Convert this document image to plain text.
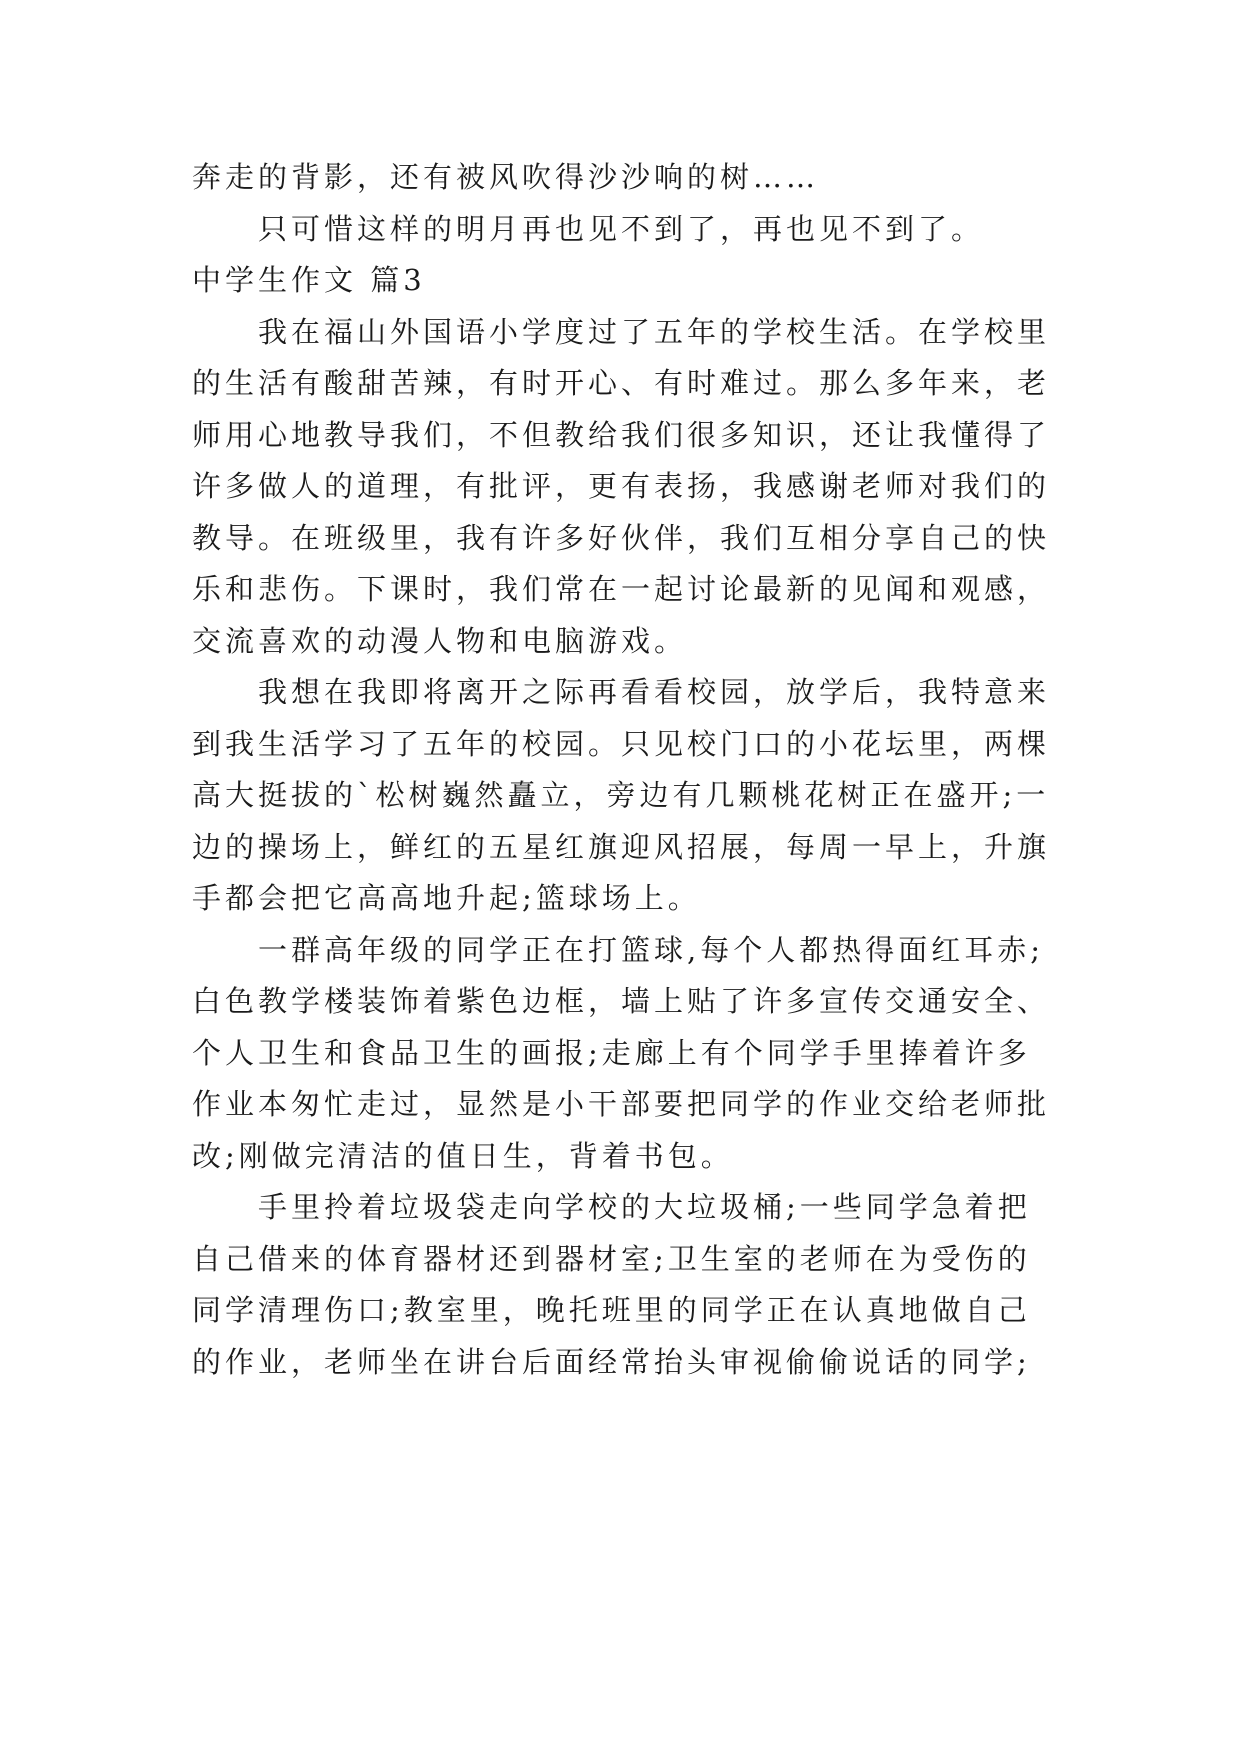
奔走的背影，还有被风吹得沙沙响的树……
只可惜这样的明月再也见不到了，再也见不到了。
中学生作文 篇3
我在福山外国语小学度过了五年的学校生活。在学校里
的生活有酸甜苦辣，有时开心、有时难过。那么多年来，老
师用心地教导我们，不但教给我们很多知识，还让我懂得了
许多做人的道理，有批评，更有表扬，我感谢老师对我们的
教导。在班级里，我有许多好伙伴，我们互相分享自己的快
乐和悲伤。下课时，我们常在一起讨论最新的见闻和观感，
交流喜欢的动漫人物和电脑游戏。
我想在我即将离开之际再看看校园，放学后，我特意来
到我生活学习了五年的校园。只见校门口的小花坛里，两棵
高大挺拔的`松树巍然矗立，旁边有几颗桃花树正在盛开;一
边的操场上，鲜红的五星红旗迎风招展，每周一早上，升旗
手都会把它高高地升起;篮球场上。
一群高年级的同学正在打篮球,每个人都热得面红耳赤;
白色教学楼装饰着紫色边框，墙上贴了许多宣传交通安全、
个人卫生和食品卫生的画报;走廊上有个同学手里捧着许多
作业本匆忙走过，显然是小干部要把同学的作业交给老师批
改;刚做完清洁的值日生，背着书包。
手里拎着垃圾袋走向学校的大垃圾桶;一些同学急着把
自己借来的体育器材还到器材室;卫生室的老师在为受伤的
同学清理伤口;教室里，晚托班里的同学正在认真地做自己
的作业，老师坐在讲台后面经常抬头审视偷偷说话的同学;
